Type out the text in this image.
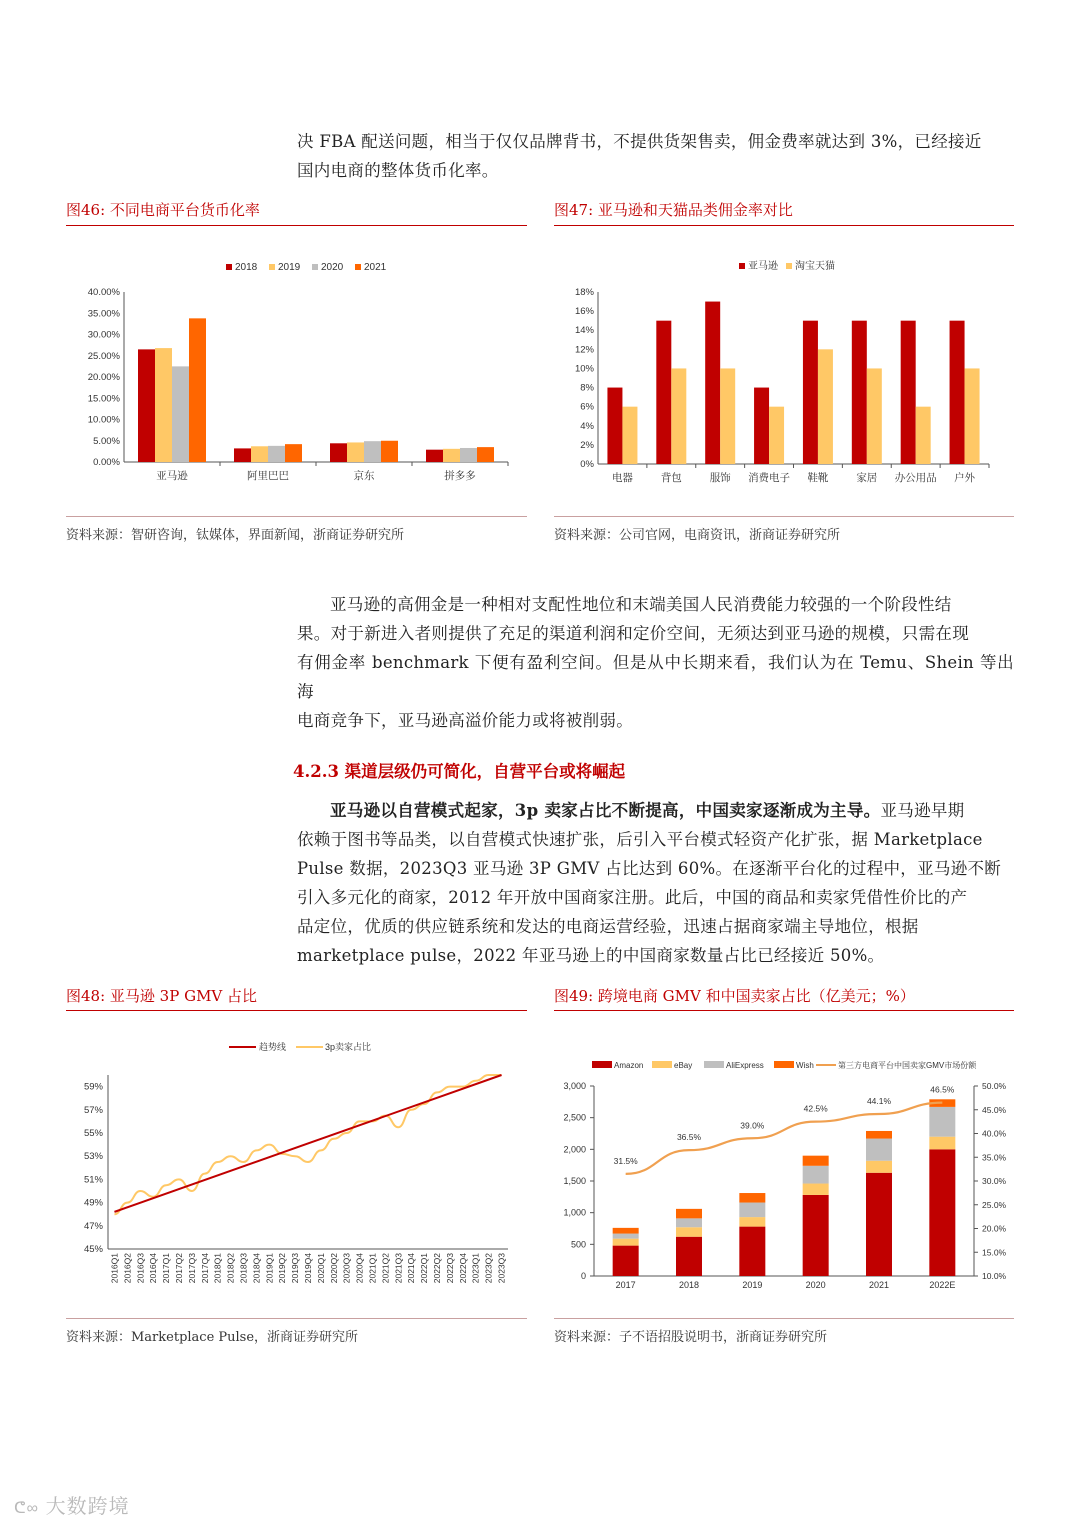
决 FBA 配送问题，相当于仅仅品牌背书，不提供货架售卖，佣金费率就达到 3%，已经接近

国内电商的整体货币化率。

图46: 不同电商平台货币化率
2018 2019 2020 2021
0.00%
5.00%
10.00%
15.00%
20.00%
25.00%
30.00%
35.00%
40.00%
亚马逊	阿里巴巴	京东	拼多多
资料来源：智研咨询，钛媒体，界面新闻，浙商证券研究所
图47: 亚马逊和天猫品类佣金率对比
亚马逊 淘宝天猫
0%
2%
4%
6%
8%
10%
12%
14%
16%
18%
电器	背包	服饰 消费电子 鞋靴	家居 办公用品 户外
资料来源：公司官网，电商资讯，浙商证券研究所

亚马逊的高佣金是一种相对支配性地位和末端美国人民消费能力较强的一个阶段性结

果。对于新进入者则提供了充足的渠道利润和定价空间，无须达到亚马逊的规模，只需在现

有佣金率 benchmark 下便有盈利空间。但是从中长期来看，我们认为在 Temu、Shein 等出海

电商竞争下，亚马逊高溢价能力或将被削弱。

4.2.3 渠道层级仍可简化，自营平台或将崛起

亚马逊以自营模式起家，3p 卖家占比不断提高，中国卖家逐渐成为主导。亚马逊早期

依赖于图书等品类，以自营模式快速扩张，后引入平台模式轻资产化扩张，据 Marketplace

Pulse 数据，2023Q3 亚马逊 3P GMV 占比达到 60%。在逐渐平台化的过程中，亚马逊不断

引入多元化的商家，2012 年开放中国商家注册。此后，中国的商品和卖家凭借性价比的产

品定位，优质的供应链系统和发达的电商运营经验，迅速占据商家端主导地位，根据

marketplace pulse，2022 年亚马逊上的中国商家数量占比已经接近 50%。

图48: 亚马逊 3P GMV 占比
趋势线	3p卖家占比
45%
47%
49%
51%
53%
55%
57%
59%
2016Q1 2016Q2 2016Q3 2016Q4 2017Q1 2017Q2 2017Q3 2017Q4 2018Q1 2018Q2 2018Q3 2018Q4 2019Q1 2019Q2 2019Q3 2019Q4 2020Q1 2020Q2 2020Q3 2020Q4 2021Q1 2021Q2 2021Q3 2021Q4 2022Q1 2022Q2 2022Q3 2022Q4 2023Q1 2023Q2 2023Q3
资料来源：Marketplace Pulse，浙商证券研究所
图49: 跨境电商 GMV 和中国卖家占比（亿美元；%）
Amazon	eBay	AliExpress	Wish	第三方电商平台中国卖家GMV市场份额
0
500
1,000
1,500
2,000
2,500
3,000
10.0%
15.0%
20.0%
25.0%
30.0%
35.0%
40.0%
45.0%
50.0%
2017	2018	2019	2020	2021	2022E
31.5%
36.5%
39.0%
42.5%
44.1%
46.5%
资料来源：子不语招股说明书，浙商证券研究所
ᕦ∞ 大数跨境
